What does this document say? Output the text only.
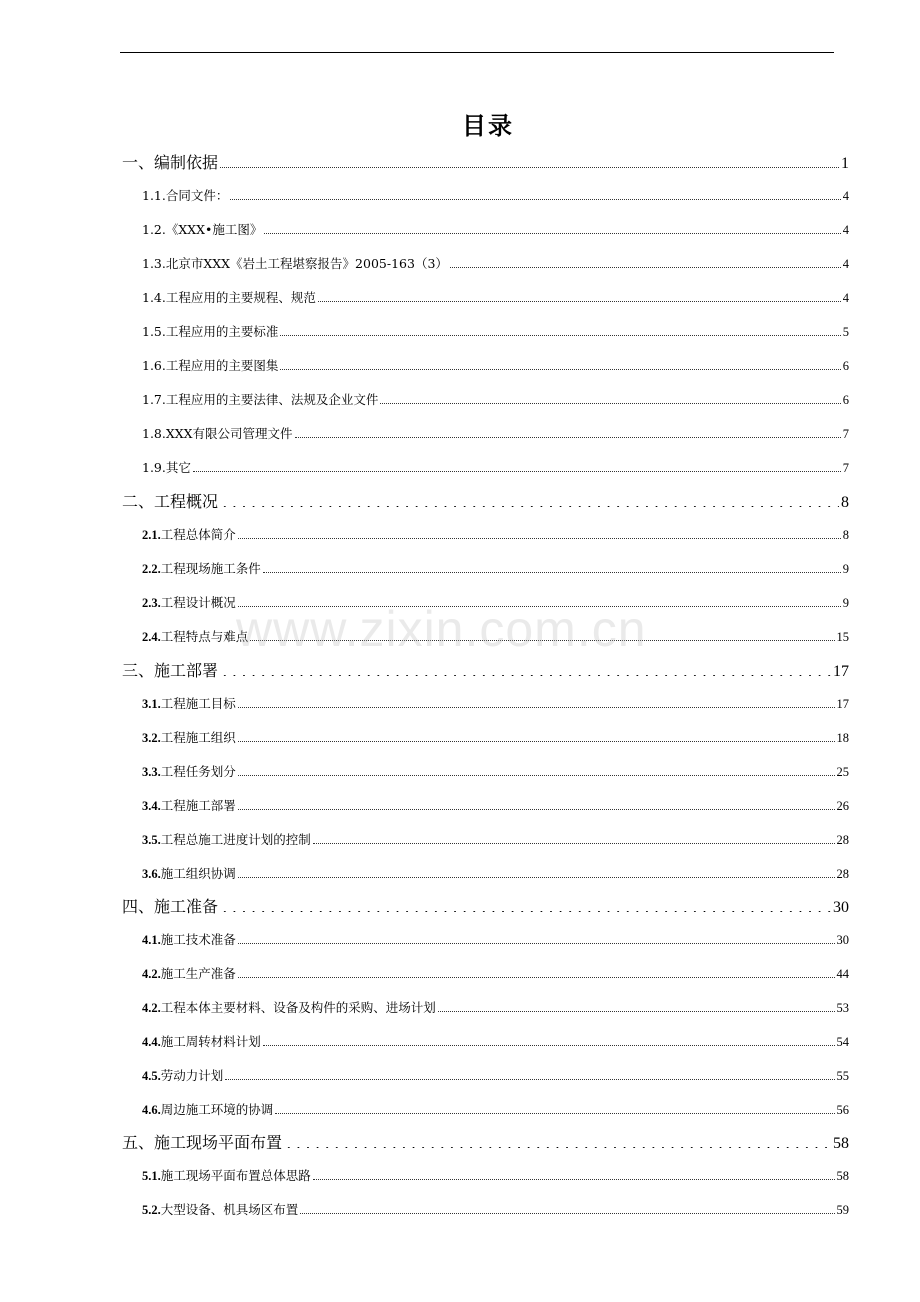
目录
一、编制依据	1
1.1. 合同文件：	4
1.2. 《XXX•施工图》	4
1.3. 北京市XXX《岩土工程堪察报告》2005-163（3）	4
1.4. 工程应用的主要规程、规范	4
1.5. 工程应用的主要标准	5
1.6. 工程应用的主要图集	6
1.7. 工程应用的主要法律、法规及企业文件	6
1.8. XXX有限公司管理文件	7
1.9. 其它	7
二、工程概况	8
2.1. 工程总体简介	8
2.2. 工程现场施工条件	9
2.3. 工程设计概况	9
2.4. 工程特点与难点	15
三、施工部署	17
3.1. 工程施工目标	17
3.2. 工程施工组织	18
3.3. 工程任务划分	25
3.4. 工程施工部署	26
3.5. 工程总施工进度计划的控制	28
3.6. 施工组织协调	28
四、施工准备	30
4.1. 施工技术准备	30
4.2. 施工生产准备	44
4.2. 工程本体主要材料、设备及构件的采购、进场计划	53
4.4. 施工周转材料计划	54
4.5. 劳动力计划	55
4.6. 周边施工环境的协调	56
五、施工现场平面布置	58
5.1. 施工现场平面布置总体思路	58
5.2. 大型设备、机具场区布置	59
www.zixin.com.cn
